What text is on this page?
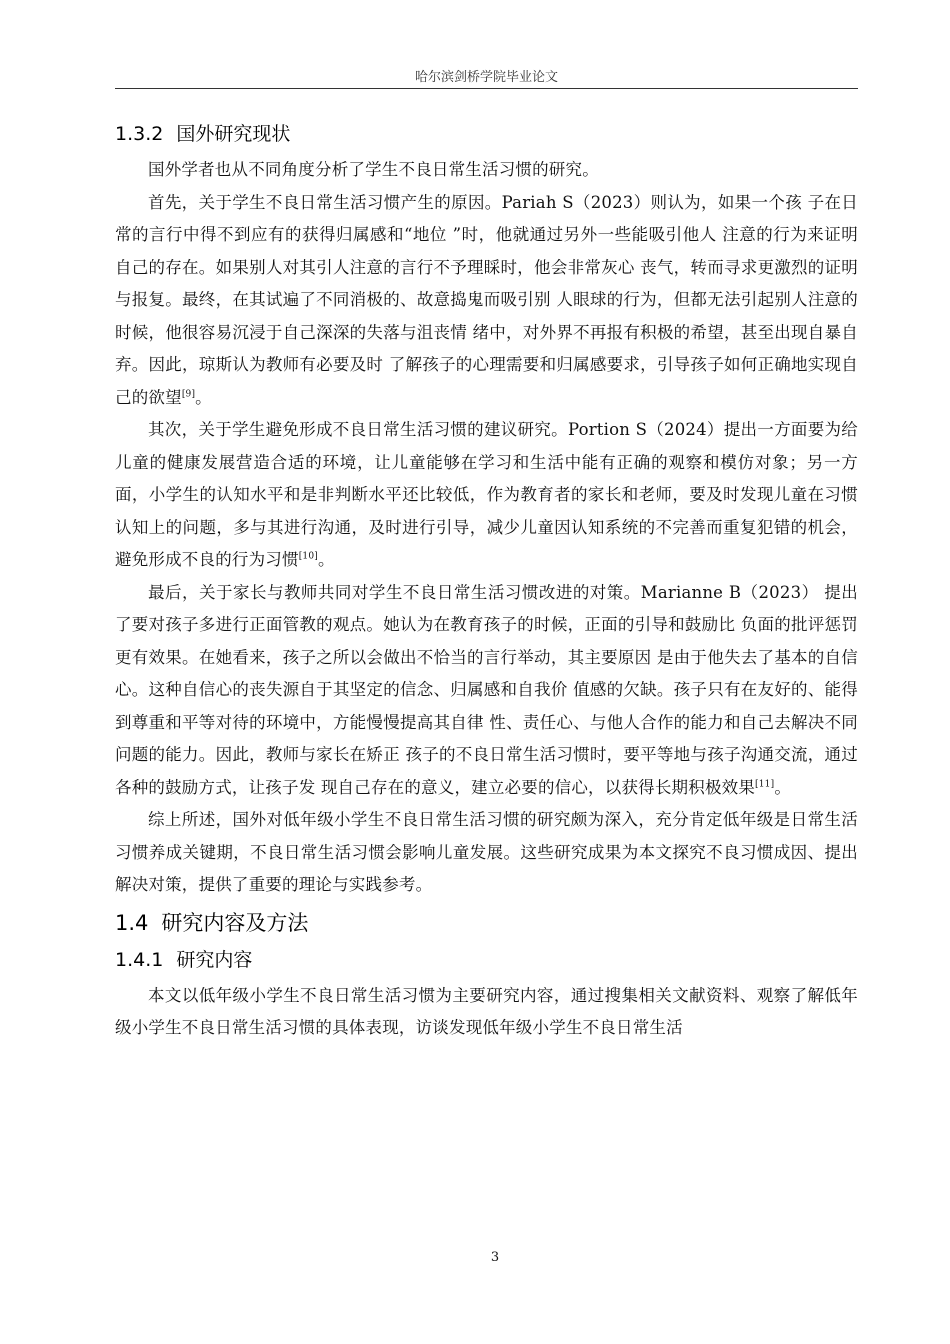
哈尔滨剑桥学院毕业论文
1.3.2 国外研究现状

国外学者也从不同角度分析了学生不良日常生活习惯的研究。

首先，关于学生不良日常生活习惯产生的原因。Pariah S（2023）则认为，如果一个孩 子在日常的言行中得不到应有的获得归属感和“地位 ”时，他就通过另外一些能吸引他人 注意的行为来证明自己的存在。如果别人对其引人注意的言行不予理睬时，他会非常灰心 丧气，转而寻求更激烈的证明与报复。最终，在其试遍了不同消极的、故意捣鬼而吸引别 人眼球的行为，但都无法引起别人注意的时候，他很容易沉浸于自己深深的失落与沮丧情 绪中，对外界不再报有积极的希望，甚至出现自暴自弃。因此，琼斯认为教师有必要及时 了解孩子的心理需要和归属感要求，引导孩子如何正确地实现自己的欲望[9]。

其次，关于学生避免形成不良日常生活习惯的建议研究。Portion S（2024）提出一方面要为给儿童的健康发展营造合适的环境，让儿童能够在学习和生活中能有正确的观察和模仿对象；另一方面，小学生的认知水平和是非判断水平还比较低，作为教育者的家长和老师，要及时发现儿童在习惯认知上的问题，多与其进行沟通，及时进行引导，减少儿童因认知系统的不完善而重复犯错的机会，避免形成不良的行为习惯[10]。

最后，关于家长与教师共同对学生不良日常生活习惯改进的对策。Marianne B（2023） 提出了要对孩子多进行正面管教的观点。她认为在教育孩子的时候，正面的引导和鼓励比 负面的批评惩罚更有效果。在她看来，孩子之所以会做出不恰当的言行举动，其主要原因 是由于他失去了基本的自信心。这种自信心的丧失源自于其坚定的信念、归属感和自我价 值感的欠缺。孩子只有在友好的、能得到尊重和平等对待的环境中，方能慢慢提高其自律 性、责任心、与他人合作的能力和自己去解决不同问题的能力。因此，教师与家长在矫正 孩子的不良日常生活习惯时，要平等地与孩子沟通交流，通过各种的鼓励方式，让孩子发 现自己存在的意义，建立必要的信心，以获得长期积极效果[11]。

综上所述，国外对低年级小学生不良日常生活习惯的研究颇为深入，充分肯定低年级是日常生活习惯养成关键期，不良日常生活习惯会影响儿童发展。这些研究成果为本文探究不良习惯成因、提出解决对策，提供了重要的理论与实践参考。

1.4 研究内容及方法
1.4.1 研究内容

本文以低年级小学生不良日常生活习惯为主要研究内容，通过搜集相关文献资料、观察了解低年级小学生不良日常生活习惯的具体表现，访谈发现低年级小学生不良日常生活

3
